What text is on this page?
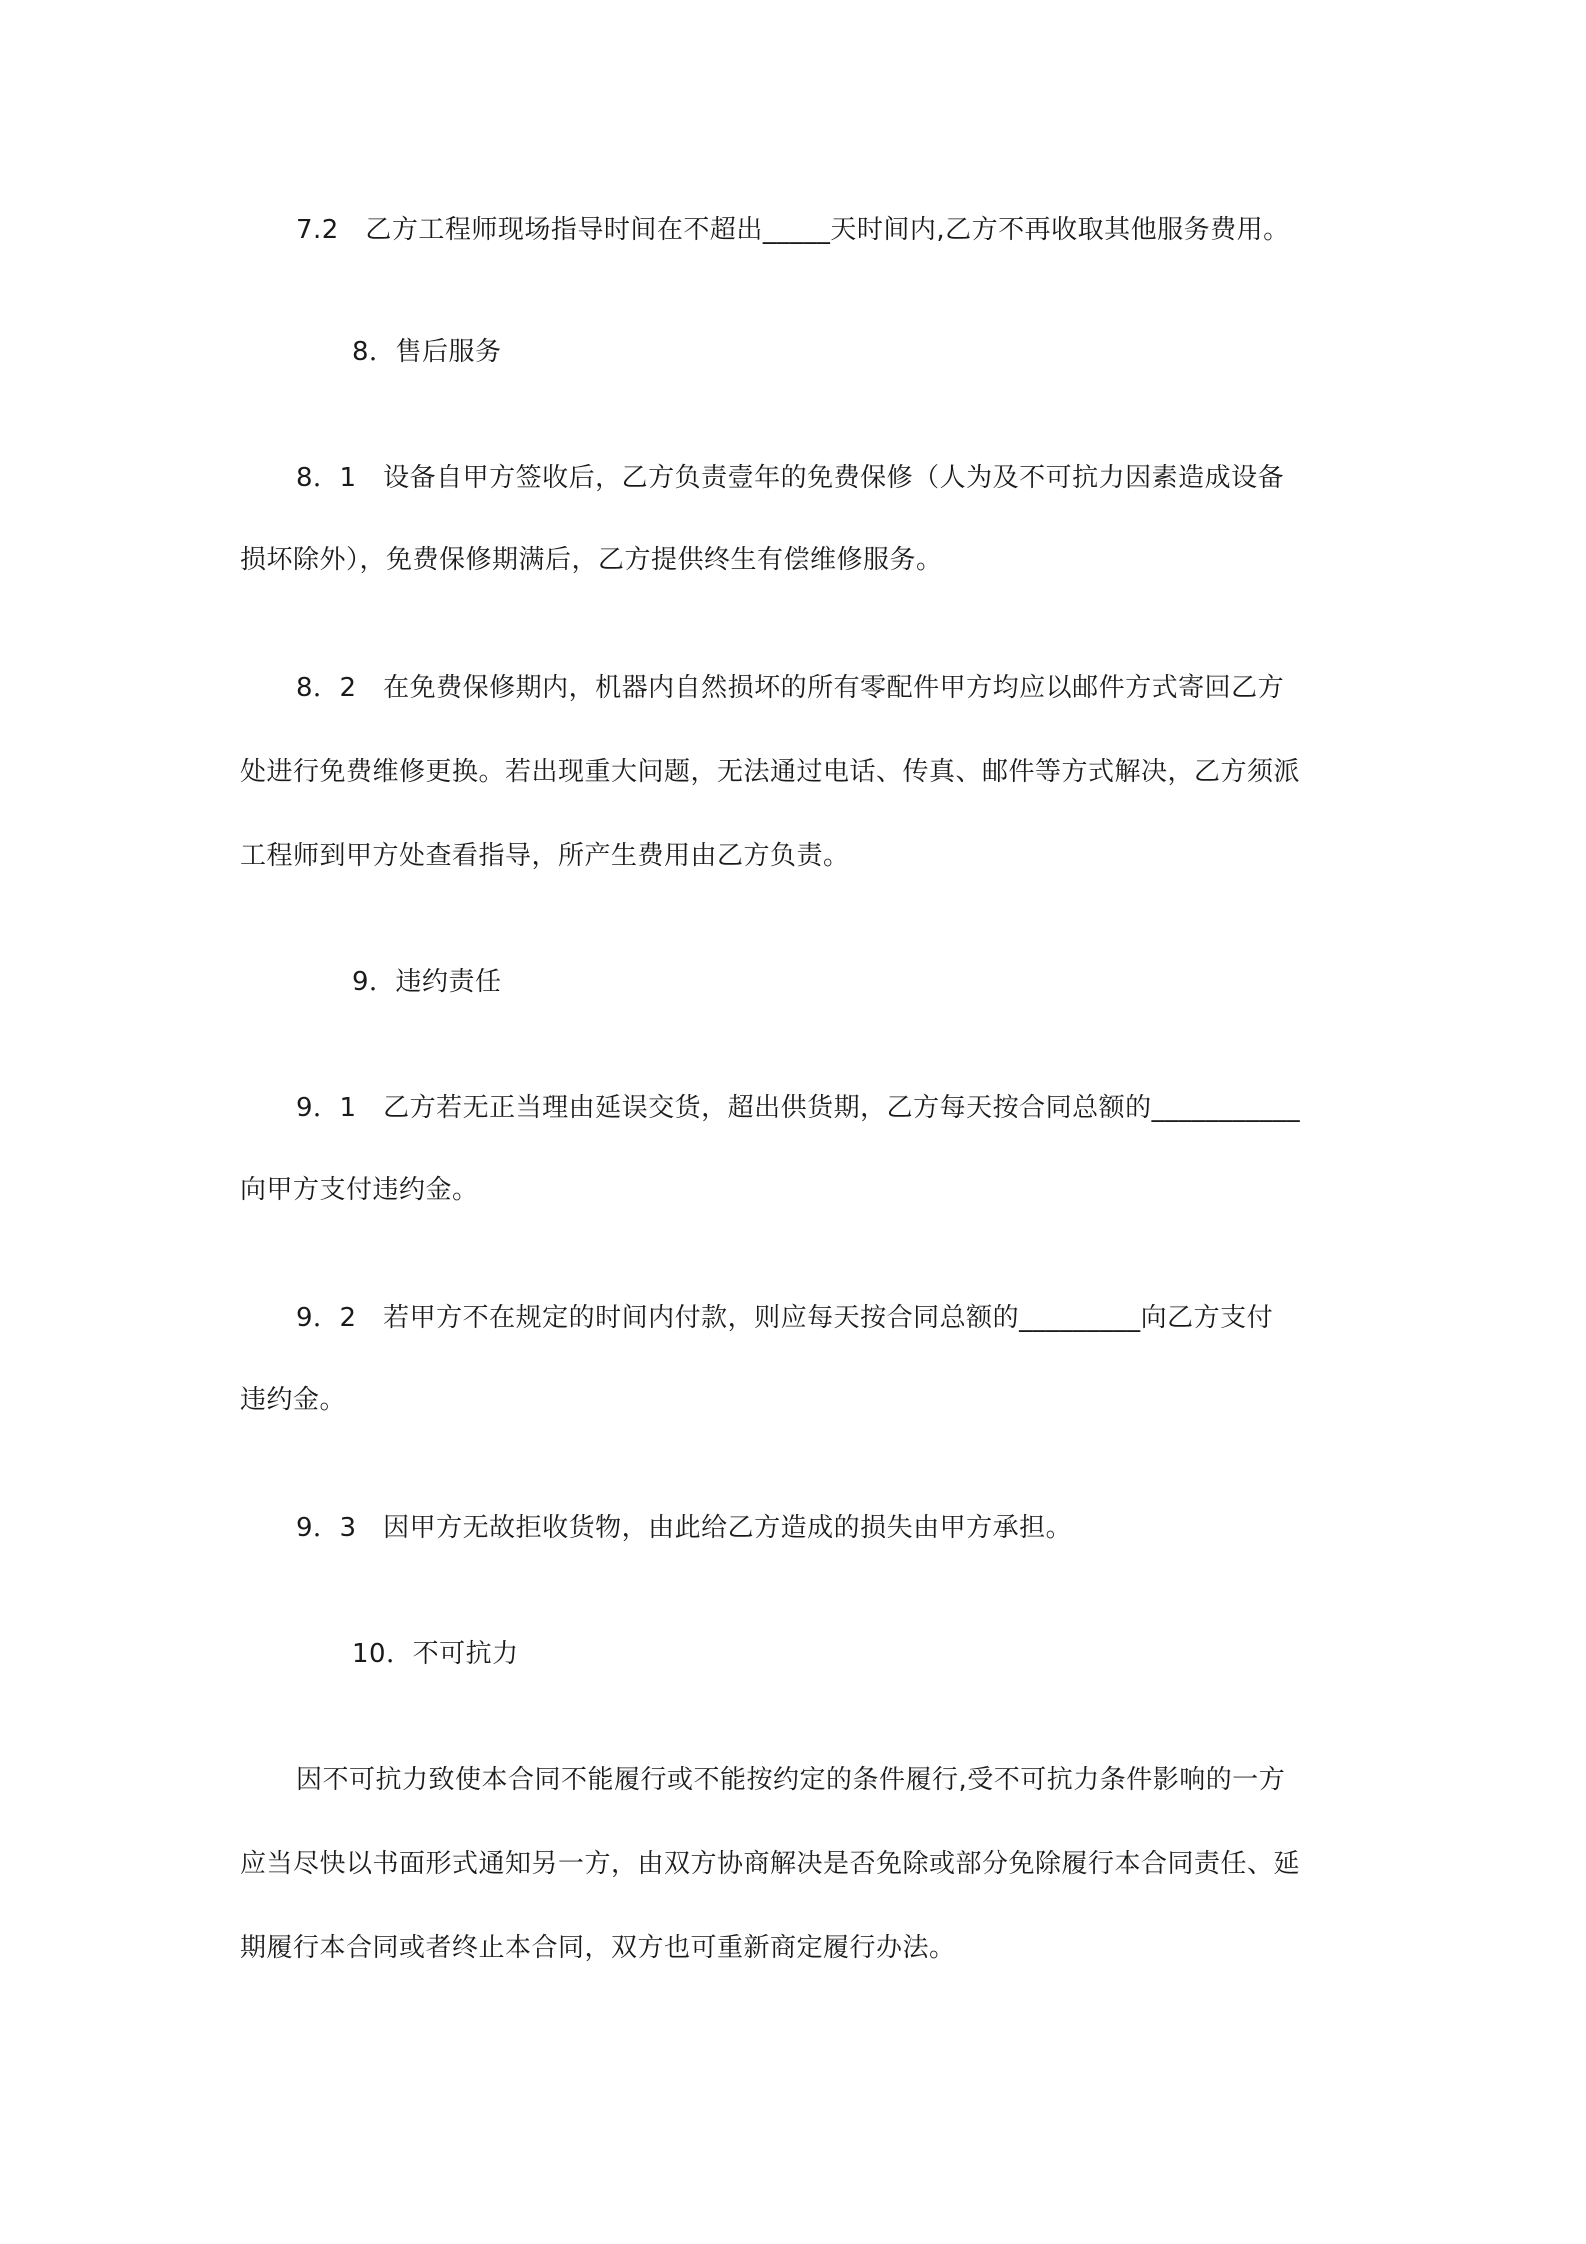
7.2　乙方工程师现场指导时间在不超出_____天时间内,乙方不再收取其他服务费用。
8．售后服务
8．1　设备自甲方签收后，乙方负责壹年的免费保修（人为及不可抗力因素造成设备
损坏除外），免费保修期满后，乙方提供终生有偿维修服务。
8．2　在免费保修期内，机器内自然损坏的所有零配件甲方均应以邮件方式寄回乙方
处进行免费维修更换。若出现重大问题，无法通过电话、传真、邮件等方式解决，乙方须派
工程师到甲方处查看指导，所产生费用由乙方负责。
9．违约责任
9．1　乙方若无正当理由延误交货，超出供货期，乙方每天按合同总额的___________
向甲方支付违约金。
9．2　若甲方不在规定的时间内付款，则应每天按合同总额的_________向乙方支付
违约金。
9．3　因甲方无故拒收货物，由此给乙方造成的损失由甲方承担。
10．不可抗力
因不可抗力致使本合同不能履行或不能按约定的条件履行,受不可抗力条件影响的一方
应当尽快以书面形式通知另一方，由双方协商解决是否免除或部分免除履行本合同责任、延
期履行本合同或者终止本合同，双方也可重新商定履行办法。
